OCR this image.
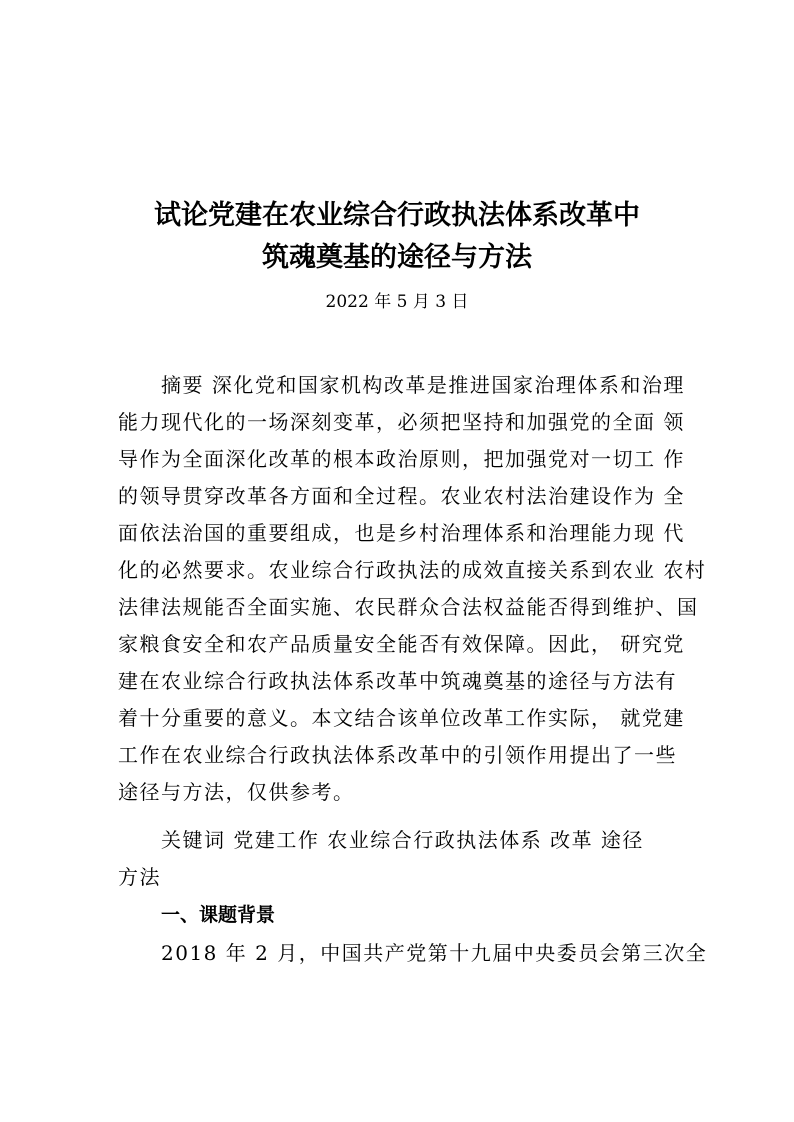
试论党建在农业综合行政执法体系改革中
筑魂奠基的途径与方法
2022 年 5 月 3 日
摘要 深化党和国家机构改革是推进国家治理体系和治理
能力现代化的一场深刻变革，必须把坚持和加强党的全面 领
导作为全面深化改革的根本政治原则，把加强党对一切工 作
的领导贯穿改革各方面和全过程。农业农村法治建设作为 全
面依法治国的重要组成，也是乡村治理体系和治理能力现 代
化的必然要求。农业综合行政执法的成效直接关系到农业 农村
法律法规能否全面实施、农民群众合法权益能否得到维护、国
家粮食安全和农产品质量安全能否有效保障。因此， 研究党
建在农业综合行政执法体系改革中筑魂奠基的途径与方法有
着十分重要的意义。本文结合该单位改革工作实际， 就党建
工作在农业综合行政执法体系改革中的引领作用提出了一些
途径与方法，仅供参考。
关键词 党建工作 农业综合行政执法体系 改革 途径
方法
一、课题背景
2018 年 2 月，中国共产党第十九届中央委员会第三次全
